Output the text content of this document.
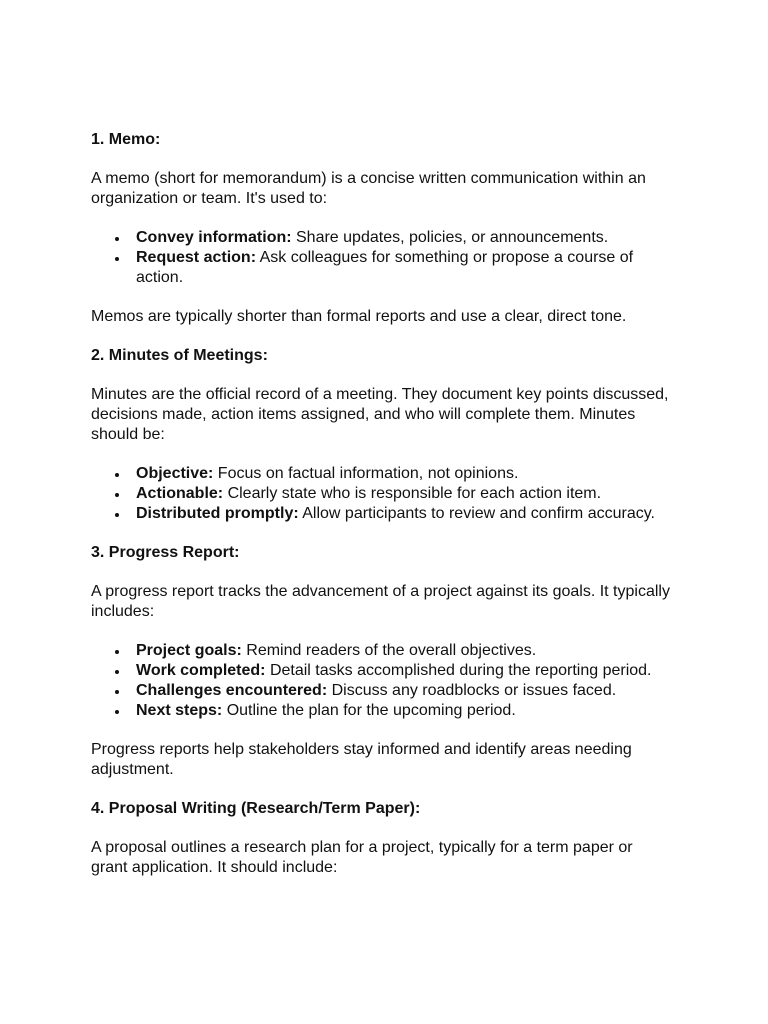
1. Memo:

A memo (short for memorandum) is a concise written communication within an organization or team. It's used to:

Convey information: Share updates, policies, or announcements.
Request action: Ask colleagues for something or propose a course of action.

Memos are typically shorter than formal reports and use a clear, direct tone.

2. Minutes of Meetings:

Minutes are the official record of a meeting. They document key points discussed, decisions made, action items assigned, and who will complete them. Minutes should be:

Objective: Focus on factual information, not opinions.
Actionable: Clearly state who is responsible for each action item.
Distributed promptly: Allow participants to review and confirm accuracy.

3. Progress Report:

A progress report tracks the advancement of a project against its goals. It typically includes:

Project goals: Remind readers of the overall objectives.
Work completed: Detail tasks accomplished during the reporting period.
Challenges encountered: Discuss any roadblocks or issues faced.
Next steps: Outline the plan for the upcoming period.

Progress reports help stakeholders stay informed and identify areas needing adjustment.

4. Proposal Writing (Research/Term Paper):

A proposal outlines a research plan for a project, typically for a term paper or grant application. It should include:
